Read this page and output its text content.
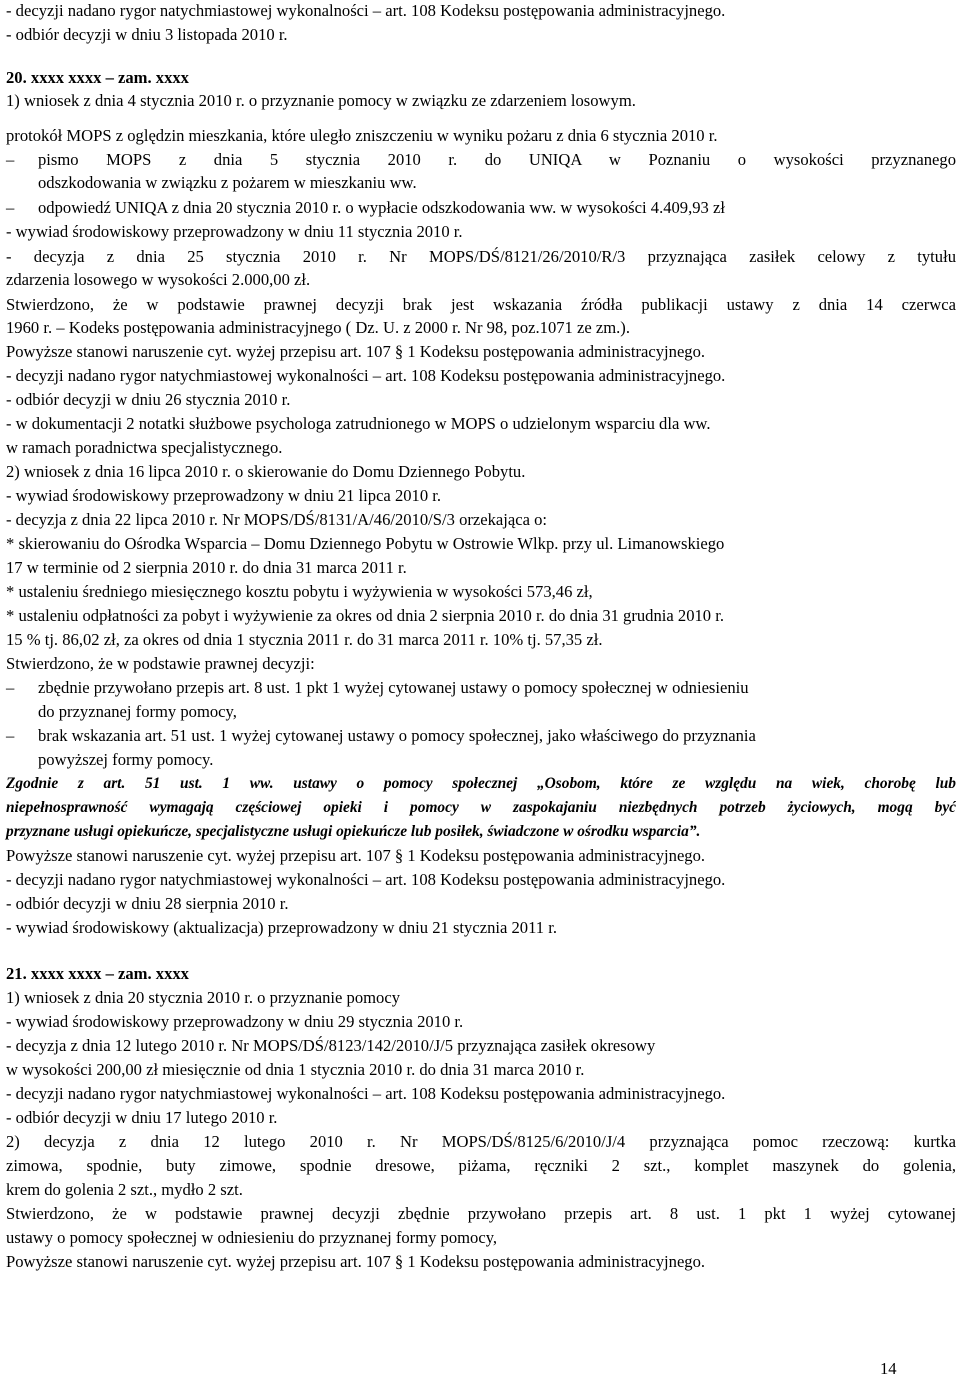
- decyzji nadano rygor natychmiastowej wykonalności – art. 108 Kodeksu postępowania administracyjnego.
- odbiór decyzji w dniu 3 listopada 2010 r.
20. xxxx xxxx – zam. xxxx
1) wniosek z dnia 4 stycznia 2010 r. o przyznanie pomocy w związku ze zdarzeniem losowym.
protokół MOPS z oględzin mieszkania, które uległo zniszczeniu w wyniku pożaru z dnia 6 stycznia 2010 r.
–	pismo MOPS z dnia 5 stycznia 2010 r. do UNIQA w Poznaniu o wysokości przyznanego
odszkodowania w związku z pożarem w mieszkaniu ww.
–	odpowiedź UNIQA z dnia 20 stycznia 2010 r. o wypłacie odszkodowania ww. w wysokości 4.409,93 zł
- wywiad środowiskowy przeprowadzony w dniu 11 stycznia 2010 r.
- decyzja z dnia 25 stycznia 2010 r. Nr MOPS/DŚ/8121/26/2010/R/3 przyznająca zasiłek celowy z tytułu
zdarzenia losowego w wysokości 2.000,00 zł.
Stwierdzono, że w podstawie prawnej decyzji brak jest wskazania źródła publikacji ustawy z dnia 14 czerwca
1960 r. – Kodeks postępowania administracyjnego ( Dz. U. z 2000 r. Nr 98, poz.1071 ze zm.).
Powyższe stanowi naruszenie cyt. wyżej przepisu art. 107 § 1 Kodeksu postępowania administracyjnego.
- decyzji nadano rygor natychmiastowej wykonalności – art. 108 Kodeksu postępowania administracyjnego.
- odbiór decyzji w dniu 26 stycznia 2010 r.
- w dokumentacji 2 notatki służbowe psychologa zatrudnionego w MOPS o udzielonym wsparciu dla ww.
w ramach poradnictwa specjalistycznego.
2) wniosek z dnia 16 lipca 2010 r. o skierowanie do Domu Dziennego Pobytu.
- wywiad środowiskowy przeprowadzony w dniu 21 lipca 2010 r.
- decyzja z dnia 22 lipca 2010 r. Nr MOPS/DŚ/8131/A/46/2010/S/3 orzekająca o:
* skierowaniu do Ośrodka Wsparcia – Domu Dziennego Pobytu w Ostrowie Wlkp. przy ul. Limanowskiego
17 w terminie od 2 sierpnia 2010 r. do dnia 31 marca 2011 r.
* ustaleniu średniego miesięcznego kosztu pobytu i wyżywienia w wysokości 573,46 zł,
* ustaleniu odpłatności za pobyt i wyżywienie za okres od dnia 2 sierpnia 2010 r. do dnia 31 grudnia 2010 r.
15 % tj. 86,02 zł, za okres od dnia 1 stycznia 2011 r. do 31 marca 2011 r. 10% tj. 57,35 zł.
Stwierdzono, że w podstawie prawnej decyzji:
–	zbędnie przywołano przepis art. 8 ust. 1 pkt 1 wyżej cytowanej ustawy o pomocy społecznej w odniesieniu
do przyznanej formy pomocy,
–	brak wskazania art. 51 ust. 1 wyżej cytowanej ustawy o pomocy społecznej, jako właściwego do przyznania
powyższej formy pomocy.
Zgodnie z art. 51 ust. 1 ww. ustawy o pomocy społecznej „Osobom, które ze względu na wiek, chorobę lub
niepełnosprawność wymagają częściowej opieki i pomocy w zaspokajaniu niezbędnych potrzeb życiowych, mogą być
przyznane usługi opiekuńcze, specjalistyczne usługi opiekuńcze lub posiłek, świadczone w ośrodku wsparcia”.
Powyższe stanowi naruszenie cyt. wyżej przepisu art. 107 § 1 Kodeksu postępowania administracyjnego.
- decyzji nadano rygor natychmiastowej wykonalności – art. 108 Kodeksu postępowania administracyjnego.
- odbiór decyzji w dniu 28 sierpnia 2010 r.
- wywiad środowiskowy (aktualizacja) przeprowadzony w dniu 21 stycznia 2011 r.
21. xxxx xxxx – zam. xxxx
1) wniosek z dnia 20 stycznia 2010 r. o przyznanie pomocy
- wywiad środowiskowy przeprowadzony w dniu 29 stycznia 2010 r.
- decyzja z dnia 12 lutego 2010 r. Nr MOPS/DŚ/8123/142/2010/J/5 przyznająca zasiłek okresowy
w wysokości 200,00 zł miesięcznie od dnia 1 stycznia 2010 r. do dnia 31 marca 2010 r.
- decyzji nadano rygor natychmiastowej wykonalności – art. 108 Kodeksu postępowania administracyjnego.
- odbiór decyzji w dniu 17 lutego 2010 r.
2) decyzja z dnia 12 lutego 2010 r. Nr MOPS/DŚ/8125/6/2010/J/4 przyznająca pomoc rzeczową: kurtka
zimowa, spodnie, buty zimowe, spodnie dresowe, piżama, ręczniki 2 szt., komplet maszynek do golenia,
krem do golenia 2 szt., mydło 2 szt.
Stwierdzono, że w podstawie prawnej decyzji zbędnie przywołano przepis art. 8 ust. 1 pkt 1 wyżej cytowanej
ustawy o pomocy społecznej w odniesieniu do przyznanej formy pomocy,
Powyższe stanowi naruszenie cyt. wyżej przepisu art. 107 § 1 Kodeksu postępowania administracyjnego.
14
